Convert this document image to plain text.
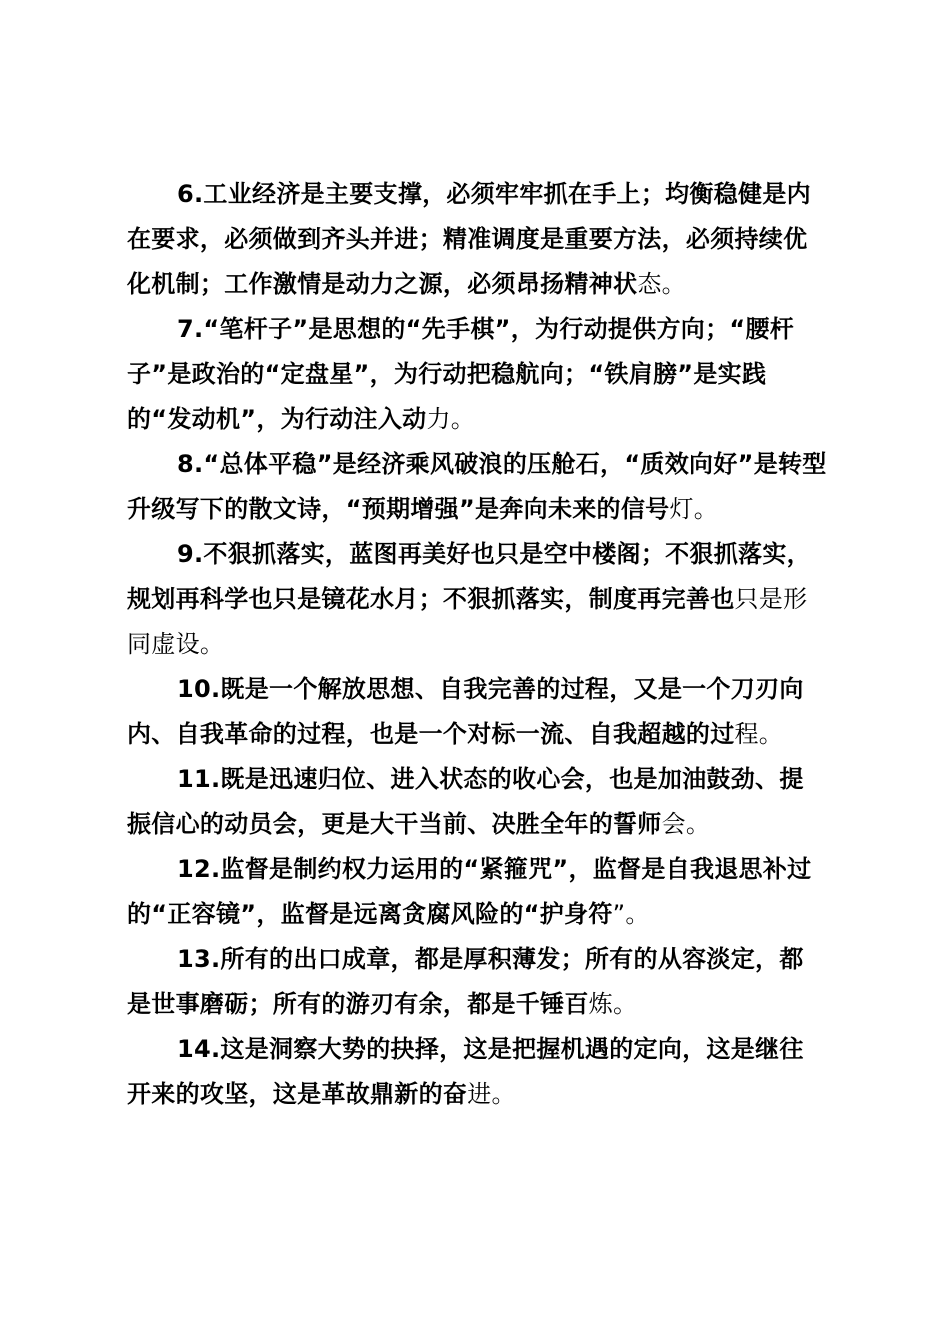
6.工业经济是主要支撑，必须牢牢抓在手上；均衡稳健是内在要求，必须做到齐头并进；精准调度是重要方法，必须持续优化机制；工作激情是动力之源，必须昂扬精神状态。

7.“笔杆子”是思想的“先手棋”，为行动提供方向；“腰杆子”是政治的“定盘星”，为行动把稳航向；“铁肩膀”是实践的“发动机”，为行动注入动力。

8.“总体平稳”是经济乘风破浪的压舱石，“质效向好”是转型升级写下的散文诗，“预期增强”是奔向未来的信号灯。

9.不狠抓落实，蓝图再美好也只是空中楼阁；不狠抓落实，规划再科学也只是镜花水月；不狠抓落实，制度再完善也只是形同虚设。

10.既是一个解放思想、自我完善的过程，又是一个刀刃向内、自我革命的过程，也是一个对标一流、自我超越的过程。

11.既是迅速归位、进入状态的收心会，也是加油鼓劲、提振信心的动员会，更是大干当前、决胜全年的誓师会。

12.监督是制约权力运用的“紧箍咒”，监督是自我退思补过的“正容镜”，监督是远离贪腐风险的“护身符”。

13.所有的出口成章，都是厚积薄发；所有的从容淡定，都是世事磨砺；所有的游刃有余，都是千锤百炼。

14.这是洞察大势的抉择，这是把握机遇的定向，这是继往开来的攻坚，这是革故鼎新的奋进。
